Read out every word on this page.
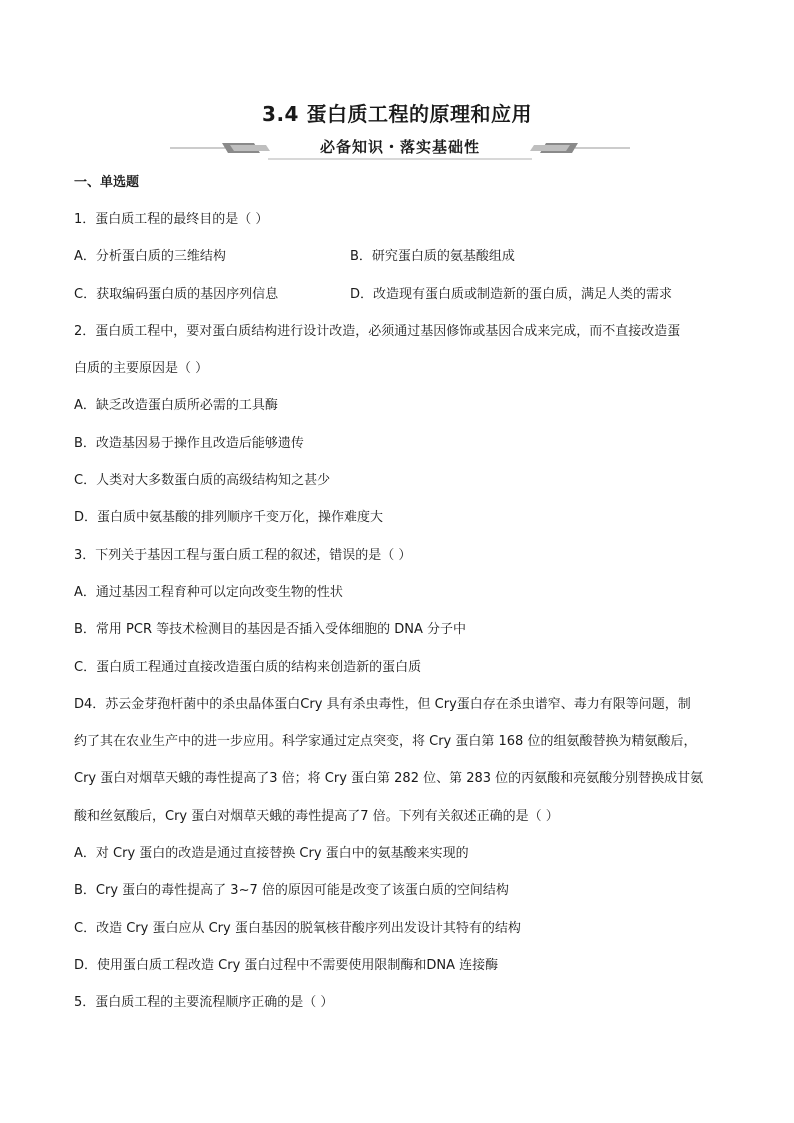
3.4 蛋白质工程的原理和应用
必备知识・落实基础性
一、单选题
1．蛋白质工程的最终目的是（ ）
A．分析蛋白质的三维结构	B．研究蛋白质的氨基酸组成
C．获取编码蛋白质的基因序列信息	D．改造现有蛋白质或制造新的蛋白质，满足人类的需求
2．蛋白质工程中，要对蛋白质结构进行设计改造，必须通过基因修饰或基因合成来完成，而不直接改造蛋
白质的主要原因是（ ）
A．缺乏改造蛋白质所必需的工具酶
B．改造基因易于操作且改造后能够遗传
C．人类对大多数蛋白质的高级结构知之甚少
D．蛋白质中氨基酸的排列顺序千变万化，操作难度大
3．下列关于基因工程与蛋白质工程的叙述，错误的是（ ）
A．通过基因工程育种可以定向改变生物的性状
B．常用 PCR 等技术检测目的基因是否插入受体细胞的 DNA 分子中
C．蛋白质工程通过直接改造蛋白质的结构来创造新的蛋白质
D4．苏云金芽孢杆菌中的杀虫晶体蛋白Cry 具有杀虫毒性，但 Cry蛋白存在杀虫谱窄、毒力有限等问题，制
约了其在农业生产中的进一步应用。科学家通过定点突变，将 Cry 蛋白第 168 位的组氨酸替换为精氨酸后，
Cry 蛋白对烟草天蛾的毒性提高了3 倍；将 Cry 蛋白第 282 位、第 283 位的丙氨酸和亮氨酸分别替换成甘氨
酸和丝氨酸后，Cry 蛋白对烟草天蛾的毒性提高了7 倍。下列有关叙述正确的是（ ）
A．对 Cry 蛋白的改造是通过直接替换 Cry 蛋白中的氨基酸来实现的
B．Cry 蛋白的毒性提高了 3~7 倍的原因可能是改变了该蛋白质的空间结构
C．改造 Cry 蛋白应从 Cry 蛋白基因的脱氧核苷酸序列出发设计其特有的结构
D．使用蛋白质工程改造 Cry 蛋白过程中不需要使用限制酶和DNA 连接酶
5．蛋白质工程的主要流程顺序正确的是（ ）
